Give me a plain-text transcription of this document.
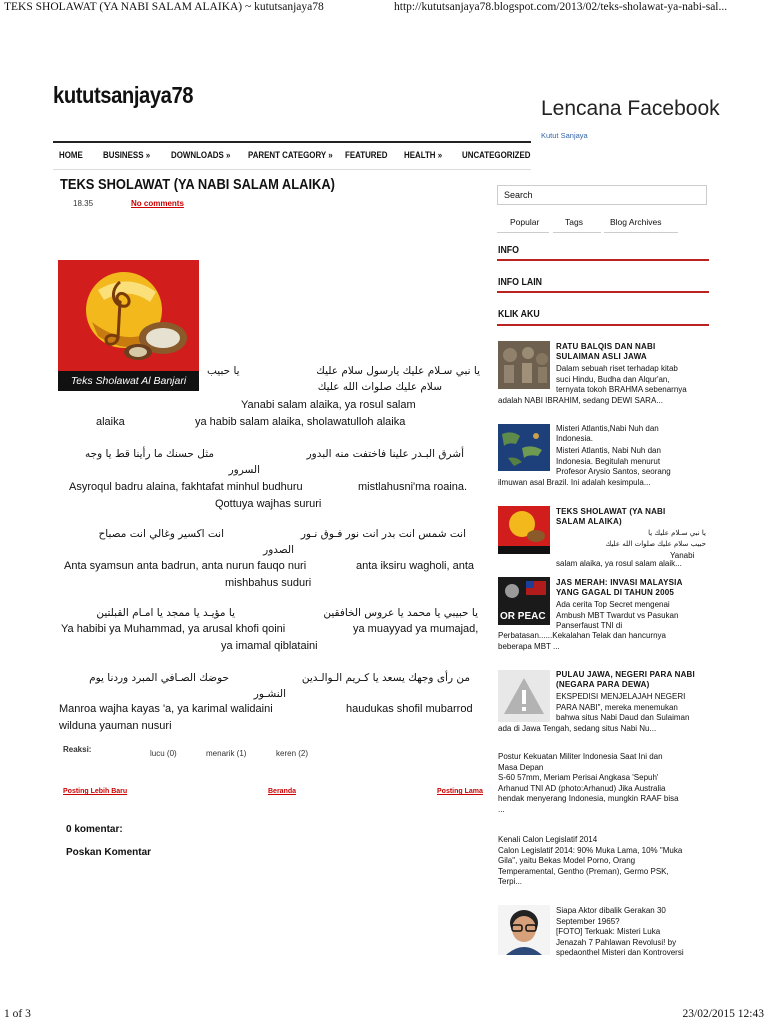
TEKS SHOLAWAT (YA NABI SALAM ALAIKA) ~ kututsanjaya78	http://kututsanjaya78.blogspot.com/2013/02/teks-sholawat-ya-nabi-sal...
kututsanjaya78
Lencana Facebook
Kutut Sanjaya
HOME BUSINESS » DOWNLOADS » PARENT CATEGORY » FEATURED HEALTH » UNCATEGORIZED
TEKS SHOLAWAT (YA NABI SALAM ALAIKA)
18.35	No comments
Teks Sholawat Al Banjari
يا حبيب	يا نبي سـلام عليك يارسول سلام عليك
سلام عليك صلوات الله عليك
Yanabi salam alaika, ya rosul salam
alaika	ya habib salam alaika, sholawatulloh alaika
مثل حسنك ما رأينا قط يا وجه	أشرق البـدر علينا فاختفت منه البدور
السرور
Asyroqul badru alaina, fakhtafat minhul budhuru	mistlahusni'ma roaina.
Qottuya wajhas sururi
انت اكسير وغالي انت مصباح	انت شمس انت بدر انت نور فـوق نـور
الصدور
Anta syamsun anta badrun, anta nurun fauqo nuri	anta iksiru wagholi, anta
mishbahus suduri
يا مؤيـد يا ممجد يا امـام القبلتين	يا حبيبي يا محمد يا عروس الخافقين
Ya habibi ya Muhammad, ya arusal khofi qoini	ya muayyad ya mumajad,
ya imamal qiblataini
حوضك الصـافي المبرد وردنا يوم	من رأى وجهك يسعد يا كـريم الـوالـدين
النشـور
Manroa wajha kayas 'a, ya karimal walidaini	haudukas shofil mubarrod
wilduna yauman nusuri
Reaksi:	lucu (0)	menarik (1)	keren (2)
Posting Lebih Baru	Beranda	Posting Lama
0 komentar:
Poskan Komentar
Search
Popular	Tags	Blog Archives
INFO
INFO LAIN
KLIK AKU
RATU BALQIS DAN NABI
SULAIMAN ASLI JAWA
Dalam sebuah riset terhadap kitab
suci Hindu, Budha dan Alqur'an,
ternyata tokoh BRAHMA sebenarnya
adalah NABI IBRAHIM, sedang DEWI SARA...
Misteri Atlantis,Nabi Nuh dan
Indonesia.
Misteri Atlantis, Nabi Nuh dan
Indonesia. Begitulah menurut
Profesor Arysio Santos, seorang
ilmuwan asal Brazil. Ini adalah kesimpula...
TEKS SHOLAWAT (YA NABI
SALAM ALAIKA)
يا نبي سـلام عليك يا
حبيب سلام عليك صلوات الله عليك
Yanabi
salam alaika, ya rosul salam alaik...
OR PEAC
JAS MERAH: INVASI MALAYSIA
YANG GAGAL DI TAHUN 2005
Ada cerita Top Secret mengenai
Ambush MBT Twardut vs Pasukan
Panserfaust TNI di
Perbatasan......Kekalahan Telak dan hancurnya
beberapa MBT ...
PULAU JAWA, NEGERI PARA NABI
(NEGARA PARA DEWA)
EKSPEDISI MENJELAJAH NEGERI
PARA NABI", mereka menemukan
bahwa situs Nabi Daud dan Sulaiman
ada di Jawa Tengah, sedang situs Nabi Nu...
Postur Kekuatan Militer Indonesia Saat Ini dan
Masa Depan
S-60 57mm, Meriam Perisai Angkasa 'Sepuh'
Arhanud TNI AD (photo:Arhanud) Jika Australia
hendak menyerang Indonesia, mungkin RAAF bisa
...
Kenali Calon Legislatif 2014
Calon Legislatif 2014: 90% Muka Lama, 10% "Muka
Gila", yaitu Bekas Model Porno, Orang
Temperamental, Gentho (Preman), Germo PSK,
Terpi...
Siapa Aktor dibalik Gerakan 30
September 1965?
[FOTO] Terkuak: Misteri Luka
Jenazah 7 Pahlawan Revolusi! by
spedaonthel Misteri dan Kontroversi
1 of 3	23/02/2015 12:43
